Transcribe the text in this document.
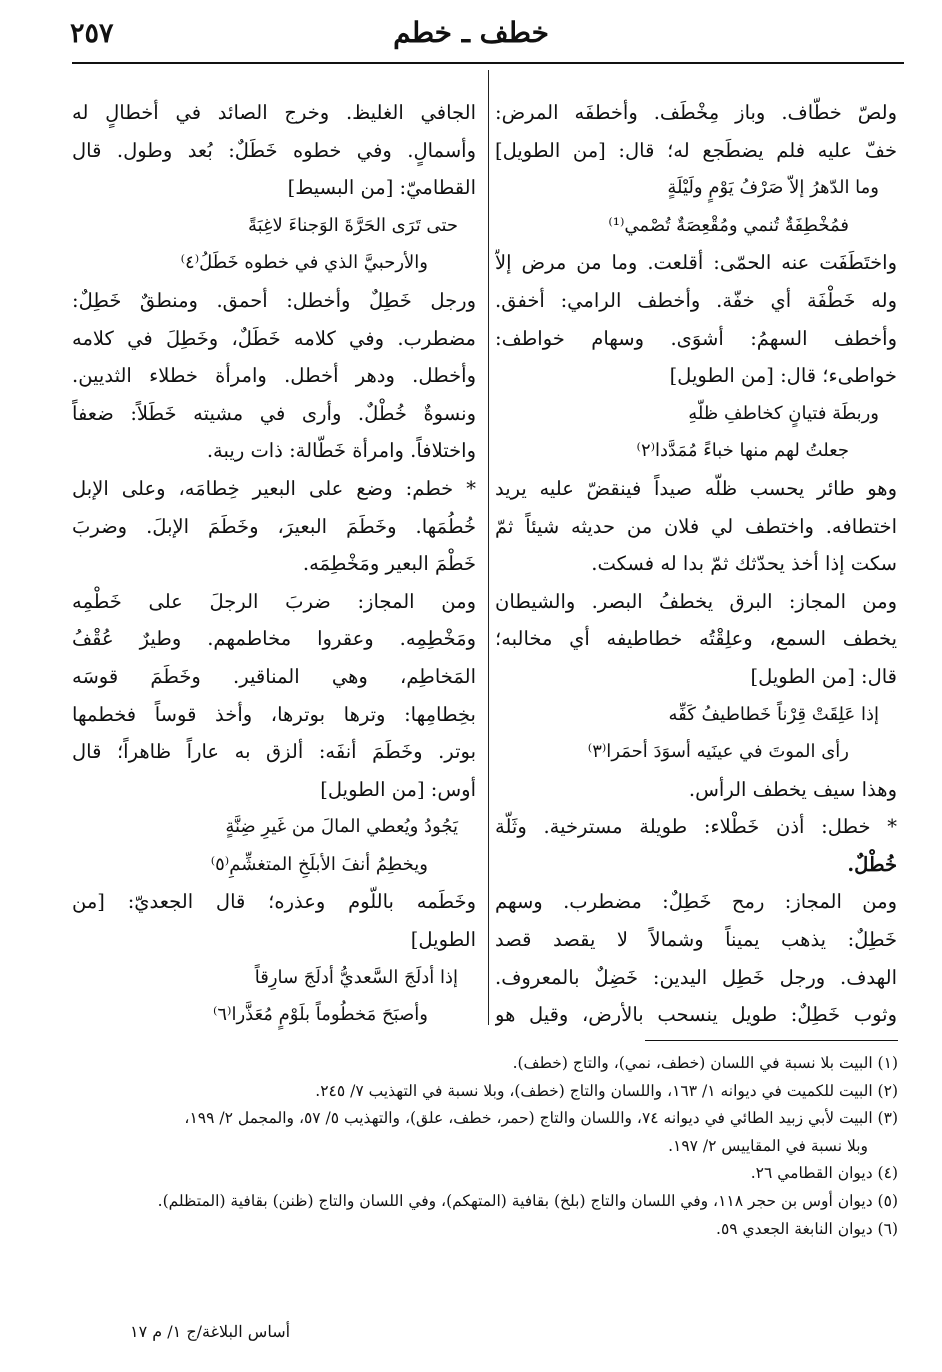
٢٥٧	خطف ـ خطم
ولصّ خطّاف. وباز مِخْطَف. وأخطفَه المرض:
خفّ عليه فلم يضطَجع له؛ قال: [من الطويل]
وما الدّهرُ إلاّ صَرْفُ يَوْمٍ ولَيْلَةٍ
فمُخْطِفَةٌ تُنمي ومُقْعِصَةٌ تُصْمي⁽¹⁾
واختَطَفَت عنه الحمّى: أقلعت. وما من مرض إلاّ
وله خَطْفَة أي خفّة. وأخطف الرامي: أخفق.
وأخطف السهمُ: أشوَى. وسهام خواطف:
خواطىء؛ قال: [من الطويل]
وربطَة فتيانٍ كخاطفِ ظلّهِ
جعلتُ لهم منها خباءً مُمَدَّدا⁽٢⁾
وهو طائر يحسب ظلّه صيداً فينقضّ عليه يريد
اختطافه. واختطف لي فلان من حديثه شيئاً ثمّ
سكت إذا أخذ يحدّثك ثمّ بدا له فسكت.
ومن المجاز: البرق يخطفُ البصر. والشيطان
يخطف السمع، وعلِقْتُه خطاطيفه أي مخالبه؛
قال: [من الطويل]
إذا عَلِقَتْ قِرْناً خَطاطيفُ كَفِّه
رأى الموتَ في عينَيه أسوَدَ أحمَرا⁽٣⁾
وهذا سيف يخطف الرأس.
* خطل: أذن خَطْلاء: طويلة مسترخية. وثَلّة
خُطْلٌ.
ومن المجاز: رمح خَطِلٌ: مضطرب. وسهم
خَطِلٌ: يذهب يميناً وشمالاً لا يقصد قصد
الهدف. ورجل خَطِل اليدين: خَضِلٌ بالمعروف.
وثوب خَطِلٌ: طويل ينسحب بالأرض، وقيل هو
الجافي الغليظ. وخرج الصائد في أخطالٍ له
وأسمالٍ. وفي خطوه خَطَلٌ: بُعد وطول. قال
القطاميّ: [من البسيط]
حتى تَرَى الحَرَّةَ الوَجناءَ لاغِبَةً
والأرحبيَّ الذي في خطوه خَطَلُ⁽٤⁾
ورجل خَطِلٌ وأخطل: أحمق. ومنطقٌ خَطِلٌ:
مضطرب. وفي كلامه خَطَلٌ، وخَطِلَ في كلامه
وأخطل. ودهر أخطل. وامرأة خطلاء الثديين.
ونسوةٌ خُطْلٌ. وأرى في مشيته خَطَلاً: ضعفاً
واختلافاً. وامرأة خَطّالة: ذات ريبة.
* خطم: وضع على البعير خِطامَه، وعلى الإبل
خُطُمَها. وخَطَمَ البعيرَ، وخَطَمَ الإبلَ. وضربَ
خَطْمَ البعير ومَخْطِمَه.
ومن المجاز: ضربَ الرجلَ على خَطْمِه
ومَخْطِمِه. وعقروا مخاطمهم. وطيرٌ عُقْفُ
المَخاطِم، وهي المناقير. وخَطَمَ قوسَه
بخِطامِها: وترها بوترها، وأخذ قوساً فخطمها
بوتر. وخَطَمَ أنفَه: ألزق به عاراً ظاهراً؛ قال
أوس: [من الطويل]
يَجُودُ ويُعطي المالَ من غَيرِ ضِنَّةٍ
ويخطِمُ أنفَ الأبلَخِ المتغشِّمِ⁽٥⁾
وخَطَمه باللّوم وعذره؛ قال الجعديّ: [من
الطويل]
إذا أدلَجَ السَّعديُّ أدلَجَ سارِقاً
وأصبَحَ مَخطُوماً بلَوْمٍ مُعَذَّرا⁽٦⁾
(١) البيت بلا نسبة في اللسان (خطف، نمي)، والتاج (خطف).
(٢) البيت للكميت في ديوانه ١/ ١٦٣، واللسان والتاج (خطف)، وبلا نسبة في التهذيب ٧/ ٢٤٥.
(٣) البيت لأبي زبيد الطائي في ديوانه ٧٤، واللسان والتاج (حمر، خطف، علق)، والتهذيب ٥/ ٥٧، والمجمل ٢/ ١٩٩،
وبلا نسبة في المقاييس ٢/ ١٩٧.
(٤) ديوان القطامي ٢٦.
(٥) ديوان أوس بن حجر ١١٨، وفي اللسان والتاج (بلخ) بقافية (المتهكم)، وفي اللسان والتاج (ظنن) بقافية (المتظلم).
(٦) ديوان النابغة الجعدي ٥٩.
أساس البلاغة/ج ١/ م ١٧
